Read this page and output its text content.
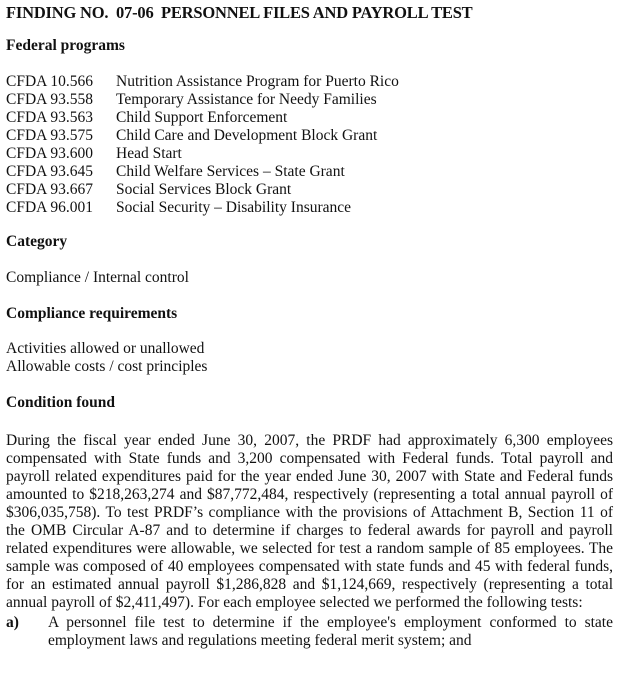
FINDING NO. 07-06 PERSONNEL FILES AND PAYROLL TEST
Federal programs
CFDA 10.566 Nutrition Assistance Program for Puerto Rico
CFDA 93.558 Temporary Assistance for Needy Families
CFDA 93.563 Child Support Enforcement
CFDA 93.575 Child Care and Development Block Grant
CFDA 93.600 Head Start
CFDA 93.645 Child Welfare Services – State Grant
CFDA 93.667 Social Services Block Grant
CFDA 96.001 Social Security – Disability Insurance
Category
Compliance / Internal control
Compliance requirements
Activities allowed or unallowed
Allowable costs / cost principles
Condition found
During the fiscal year ended June 30, 2007, the PRDF had approximately 6,300 employees
compensated with State funds and 3,200 compensated with Federal funds. Total payroll and
payroll related expenditures paid for the year ended June 30, 2007 with State and Federal funds
amounted to $218,263,274 and $87,772,484, respectively (representing a total annual payroll of
$306,035,758). To test PRDF’s compliance with the provisions of Attachment B, Section 11 of
the OMB Circular A-87 and to determine if charges to federal awards for payroll and payroll
related expenditures were allowable, we selected for test a random sample of 85 employees. The
sample was composed of 40 employees compensated with state funds and 45 with federal funds,
for an estimated annual payroll $1,286,828 and $1,124,669, respectively (representing a total
annual payroll of $2,411,497). For each employee selected we performed the following tests:
a) A personnel file test to determine if the employee's employment conformed to state
employment laws and regulations meeting federal merit system; and
